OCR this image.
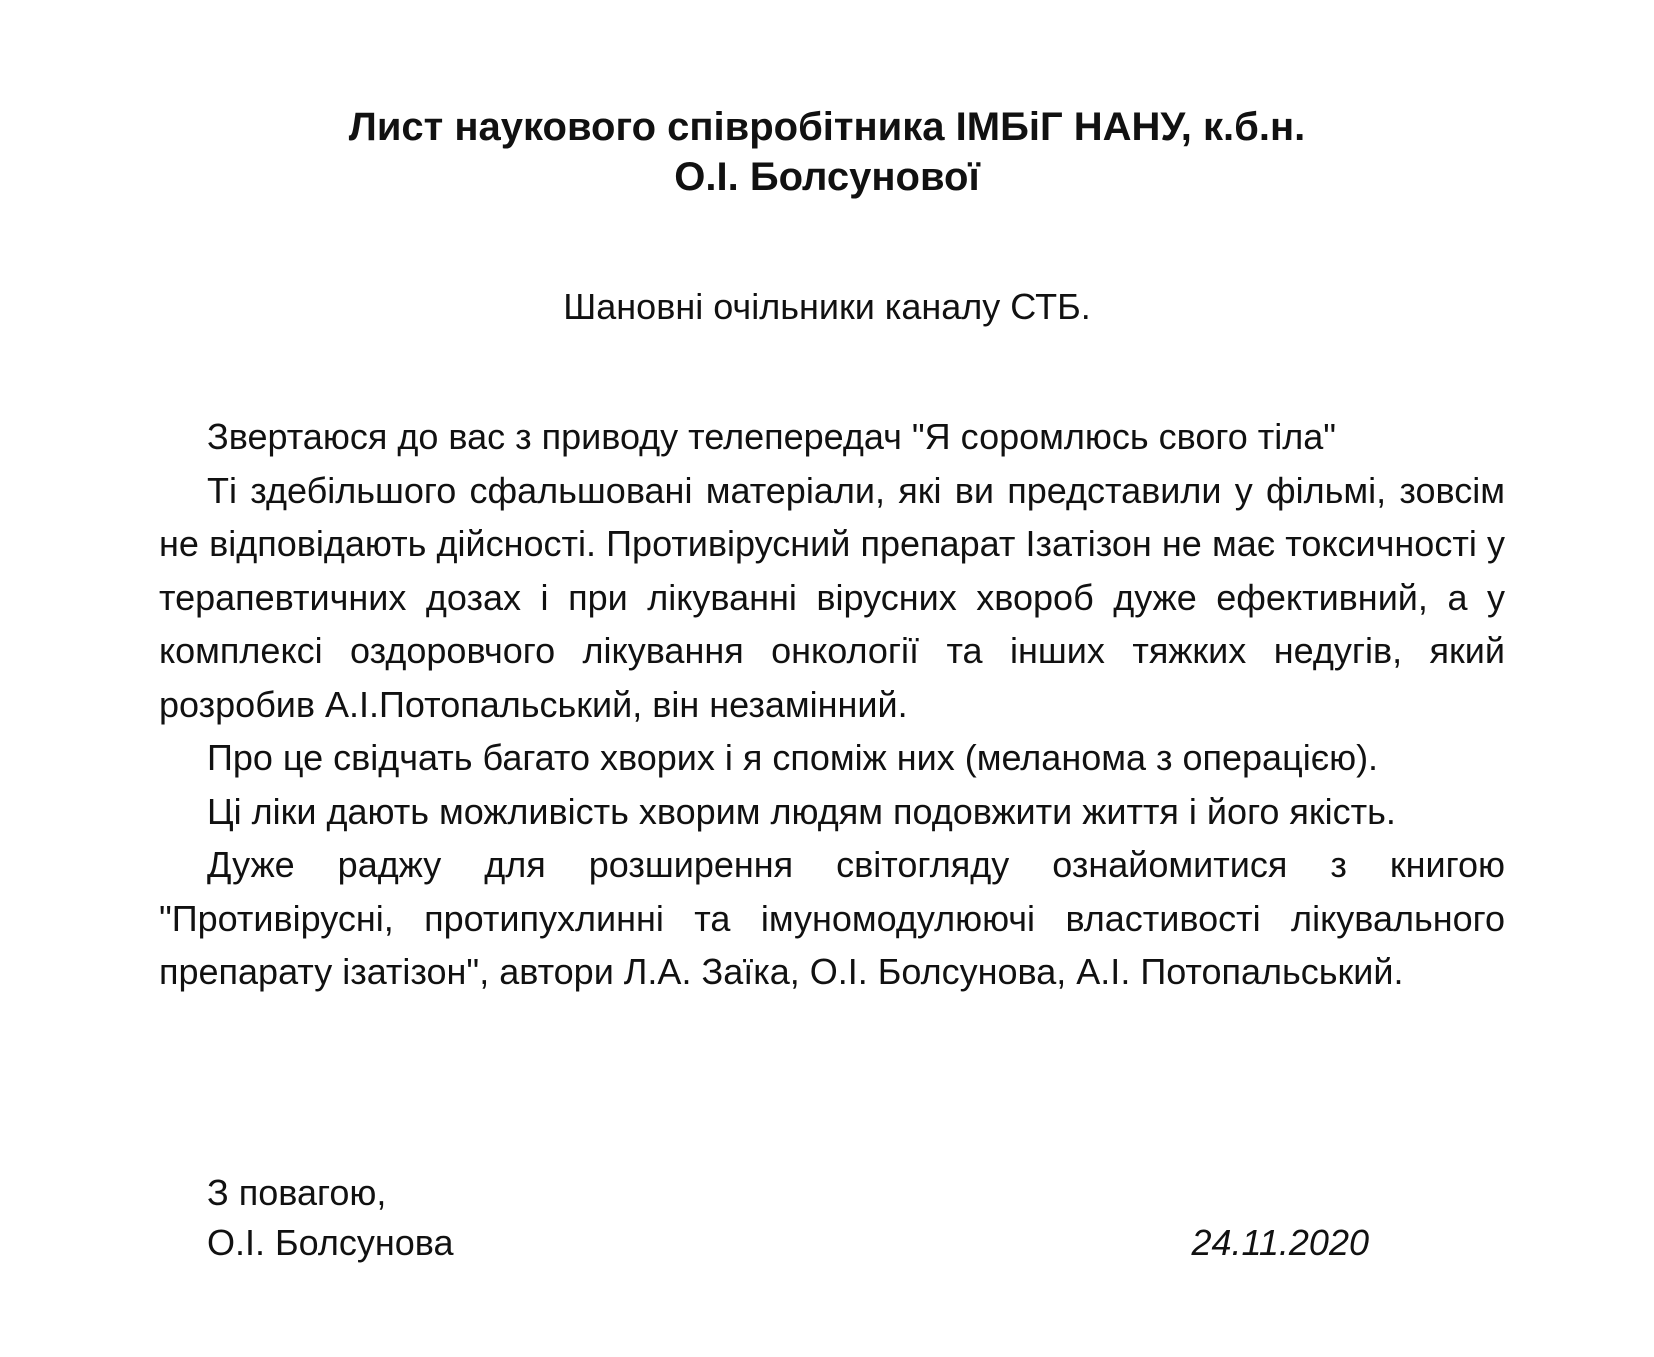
Лист наукового співробітника ІМБіГ НАНУ, к.б.н.
О.І. Болсунової
Шановні очільники каналу СТБ.

Звертаюся до вас з приводу телепередач "Я соромлюсь свого тіла"

Ті здебільшого сфальшовані матеріали, які ви представили у фільмі, зовсім не відповідають дійсності. Противірусний препарат Ізатізон не має токсичності у терапевтичних дозах і при лікуванні вірусних хвороб дуже ефективний, а у комплексі оздоровчого лікування онкології та інших тяжких недугів, який розробив А.І.Потопальський, він незамінний.

Про це свідчать багато хворих і я споміж них (меланома з операцією).

Ці ліки дають можливість хворим людям подовжити життя і його якість.

Дуже раджу для розширення світогляду ознайомитися з книгою "Противірусні, протипухлинні та імуномодулюючі властивості лікувального препарату ізатізон", автори Л.А. Заїка, О.І. Болсунова, А.І. Потопальський.

З повагою,
О.І. Болсунова	24.11.2020
